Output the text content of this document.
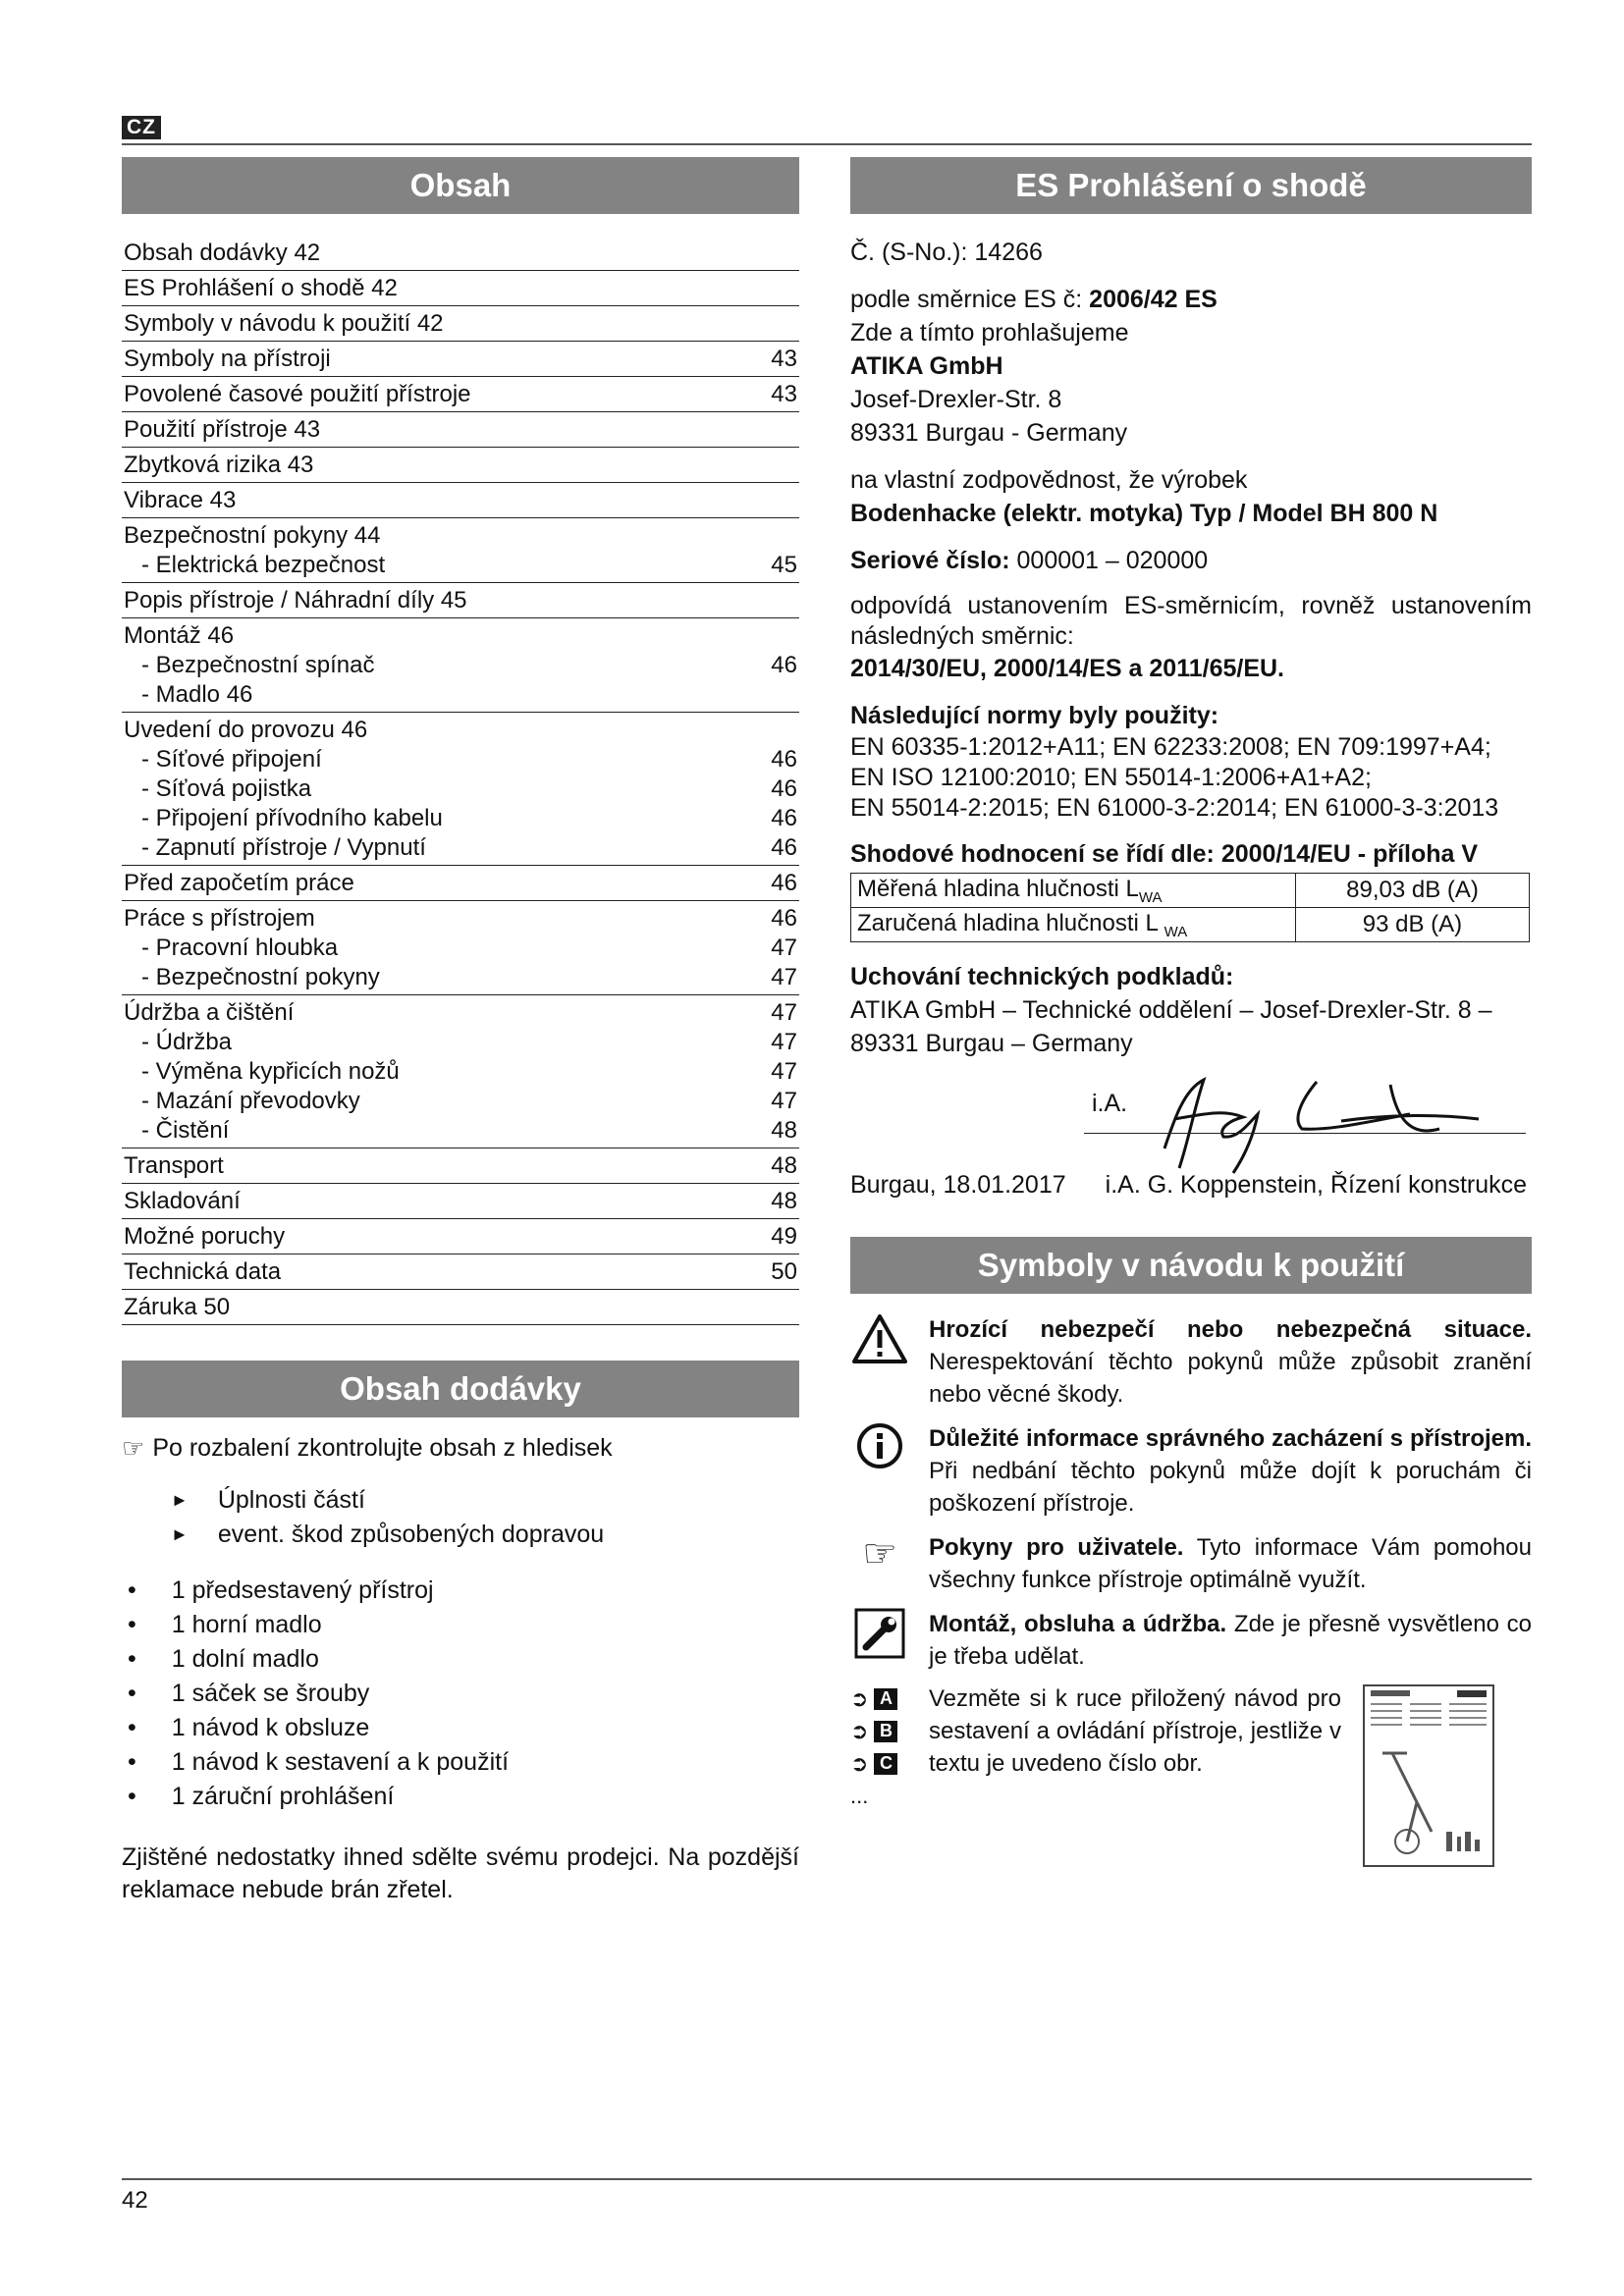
CZ
Obsah
Obsah dodávky 42
ES Prohlášení o shodě 42
Symboly v návodu k použití 42
Symboly na přístroji	43
Povolené časové použití přístroje	43
Použití přístroje 43
Zbytková rizika 43
Vibrace 43
Bezpečnostní pokyny 44
- Elektrická bezpečnost	45
Popis přístroje / Náhradní díly 45
Montáž 46
- Bezpečnostní spínač	46
- Madlo 46
Uvedení do provozu 46
- Síťové připojení	46
- Síťová pojistka	46
- Připojení přívodního kabelu	46
- Zapnutí přístroje / Vypnutí	46
Před započetím práce	46
Práce s přístrojem	46
- Pracovní hloubka	47
- Bezpečnostní pokyny	47
Údržba a čištění	47
- Údržba	47
- Výměna kypřicích nožů	47
- Mazání převodovky	47
- Čistění	48
Transport	48
Skladování	48
Možné poruchy	49
Technická data	50
Záruka 50
Obsah dodávky
☞ Po rozbalení zkontrolujte obsah z hledisek
► Úplnosti částí
► event. škod způsobených dopravou
• 1 předsestavený přístroj
• 1 horní madlo
• 1 dolní madlo
• 1 sáček se šrouby
• 1 návod k obsluze
• 1 návod k sestavení a k použití
• 1 záruční prohlášení
Zjištěné nedostatky ihned sdělte svému prodejci. Na pozdější reklamace nebude brán zřetel.
ES Prohlášení o shodě
Č. (S-No.): 14266
podle směrnice ES č: 2006/42 ES
Zde a tímto prohlašujeme
ATIKA GmbH
Josef-Drexler-Str. 8
89331 Burgau - Germany
na vlastní zodpovědnost, že výrobek
Bodenhacke (elektr. motyka) Typ / Model BH 800 N
Seriové číslo: 000001 – 020000
odpovídá ustanovením ES-směrnicím, rovněž ustanovením následných směrnic:
2014/30/EU, 2000/14/ES a 2011/65/EU.
Následující normy byly použity:
EN 60335-1:2012+A11; EN 62233:2008; EN 709:1997+A4;
EN ISO 12100:2010; EN 55014-1:2006+A1+A2;
EN 55014-2:2015; EN 61000-3-2:2014; EN 61000-3-3:2013
Shodové hodnocení se řídí dle: 2000/14/EU - příloha V
Měřená hladina hlučnosti $L_{WA}$	89,03 dB (A)
Zaručená hladina hlučnosti L $_{WA}$	93 dB (A)
Uchování technických podkladů:
ATIKA GmbH – Technické oddělení – Josef-Drexler-Str. 8 –
89331 Burgau – Germany
i.A.
Burgau, 18.01.2017 i.A. G. Koppenstein, Řízení konstrukce
Symboly v návodu k použití
Hrozící nebezpečí nebo nebezpečná situace. Nerespektování těchto pokynů může způsobit zranění nebo věcné škody.
Důležité informace správného zacházení s přístrojem. Při nedbání těchto pokynů může dojít k poruchám či poškození přístroje.
☞	Pokyny pro uživatele. Tyto informace Vám pomohou všechny funkce přístroje optimálně využít.
Montáž, obsluha a údržba. Zde je přesně vysvětleno co je třeba udělat.
➲ A
➲ B
➲ C
...
Vezměte si k ruce přiložený návod pro sestavení a ovládání přístroje, jestliže v textu je uvedeno číslo obr.
42
